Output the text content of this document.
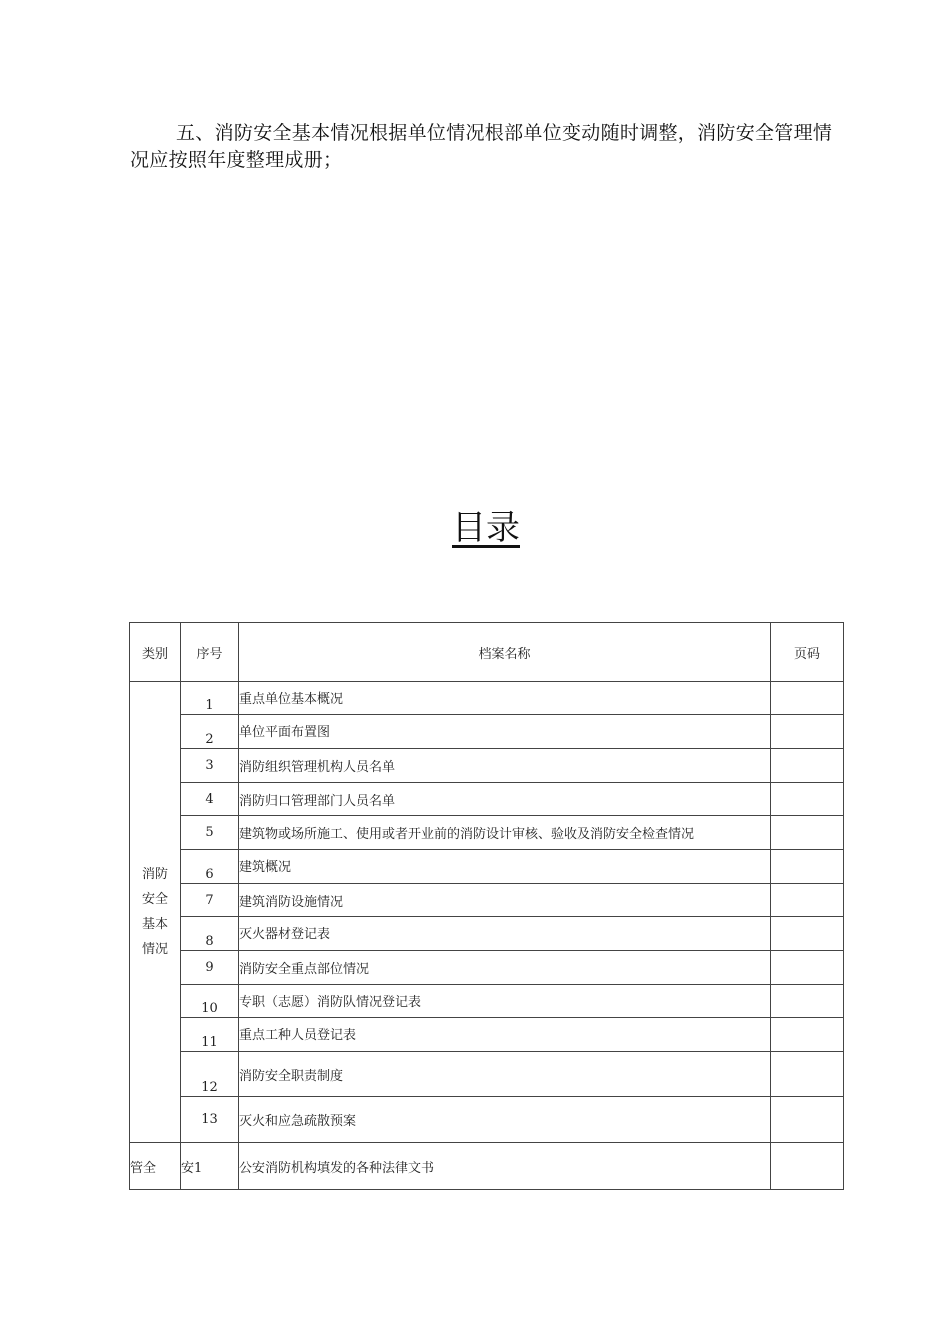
五、消防安全基本情况根据单位情况根部单位变动随时调整，消防安全管理情况应按照年度整理成册；
目录
类别	序号	档案名称	页码
消防
安全
基本
情况	1	重点单位基本概况	
	2	单位平面布置图	
	3	消防组织管理机构人员名单	
	4	消防归口管理部门人员名单	
	5	建筑物或场所施工、使用或者开业前的消防设计审核、验收及消防安全检查情况	
	6	建筑概况	
	7	建筑消防设施情况	
	8	灭火器材登记表	
	9	消防安全重点部位情况	
	10	专职（志愿）消防队情况登记表	
	11	重点工种人员登记表	
	12	消防安全职责制度	
	13	灭火和应急疏散预案	
管全	安1	公安消防机构填发的各种法律文书	
